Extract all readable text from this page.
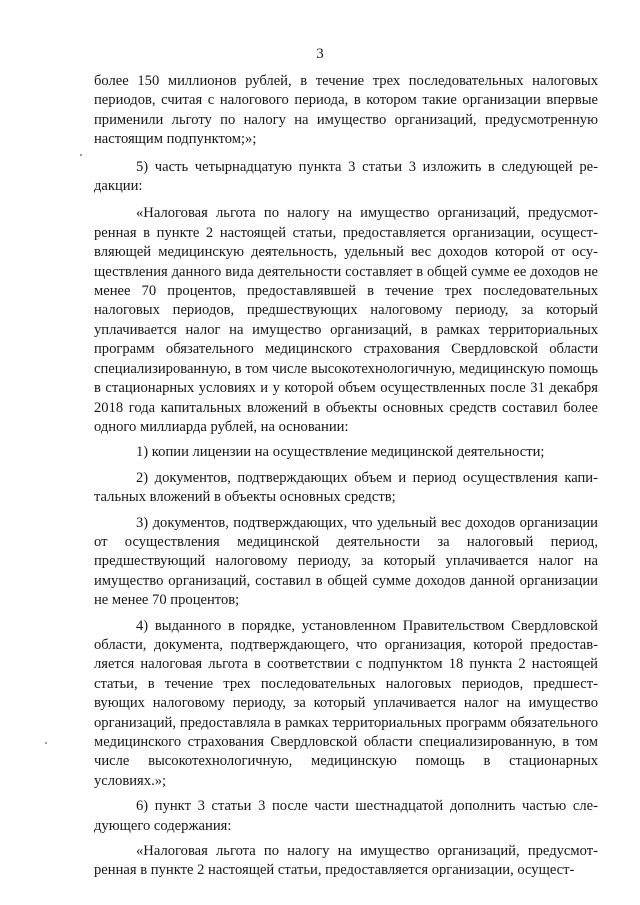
3

более 150 миллионов рублей, в течение трех последовательных налоговых периодов, считая с налогового периода, в котором такие организации впервые применили льготу по налогу на имущество организаций, предусмотренную настоящим подпунктом;»;

5) часть четырнадцатую пункта 3 статьи 3 изложить в следующей редакции:

«Налоговая льгота по налогу на имущество организаций, предусмотренная в пункте 2 настоящей статьи, предоставляется организации, осуществляющей медицинскую деятельность, удельный вес доходов которой от осуществления данного вида деятельности составляет в общей сумме ее доходов не менее 70 процентов, предоставлявшей в течение трех последовательных налоговых периодов, предшествующих налоговому периоду, за который уплачивается налог на имущество организаций, в рамках территориальных программ обязательного медицинского страхования Свердловской области специализированную, в том числе высокотехнологичную, медицинскую помощь в стационарных условиях и у которой объем осуществленных после 31 декабря 2018 года капитальных вложений в объекты основных средств составил более одного миллиарда рублей, на основании:

1) копии лицензии на осуществление медицинской деятельности;

2) документов, подтверждающих объем и период осуществления капитальных вложений в объекты основных средств;

3) документов, подтверждающих, что удельный вес доходов организации от осуществления медицинской деятельности за налоговый период, предшествующий налоговому периоду, за который уплачивается налог на имущество организаций, составил в общей сумме доходов данной организации не менее 70 процентов;

4) выданного в порядке, установленном Правительством Свердловской области, документа, подтверждающего, что организация, которой предоставляется налоговая льгота в соответствии с подпунктом 18 пункта 2 настоящей статьи, в течение трех последовательных налоговых периодов, предшествующих налоговому периоду, за который уплачивается налог на имущество организаций, предоставляла в рамках территориальных программ обязательного медицинского страхования Свердловской области специализированную, в том числе высокотехнологичную, медицинскую помощь в стационарных условиях.»;

6) пункт 3 статьи 3 после части шестнадцатой дополнить частью следующего содержания:

«Налоговая льгота по налогу на имущество организаций, предусмотренная в пункте 2 настоящей статьи, предоставляется организации, осущест-
